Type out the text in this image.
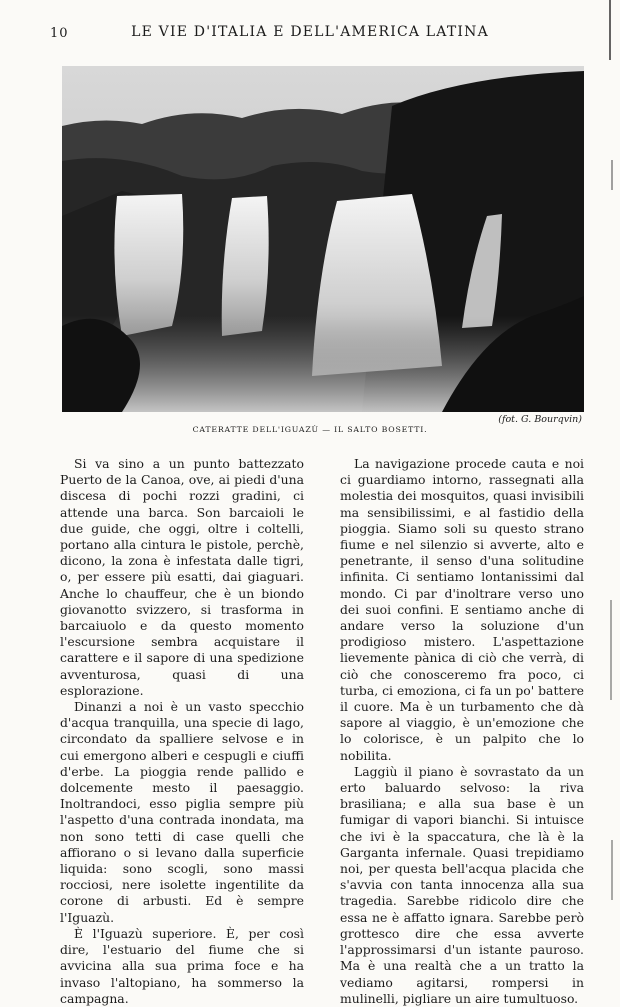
10	LE VIE D'ITALIA E DELL'AMERICA LATINA
(fot. G. Bourqvin)
CATERATTE DELL'IGUAZÙ — IL SALTO BOSETTI.

Si va sino a un punto battezzato Puerto de la Canoa, ove, ai piedi d'una discesa di pochi rozzi gradini, ci attende una barca. Son barcaioli le due guide, che oggi, oltre i coltelli, portano alla cintura le pistole, perchè, dicono, la zona è infestata dalle tigri, o, per essere più esatti, dai giaguari. Anche lo chauffeur, che è un biondo giovanotto svizzero, si trasforma in barcaiuolo e da questo momento l'escursione sembra acquistare il carattere e il sapore di una spedizione avventurosa, quasi di una esplorazione.

Dinanzi a noi è un vasto specchio d'acqua tranquilla, una specie di lago, circondato da spalliere selvose e in cui emergono alberi e cespugli e ciuffi d'erbe. La pioggia rende pallido e dolcemente mesto il paesaggio. Inoltrandoci, esso piglia sempre più l'aspetto d'una contrada inondata, ma non sono tetti di case quelli che affiorano o si levano dalla superficie liquida: sono scogli, sono massi rocciosi, nere isolette ingentilite da corone di arbusti. Ed è sempre l'Iguazù.

È l'Iguazù superiore. È, per così dire, l'estuario del fiume che si avvicina alla sua prima foce e ha invaso l'altopiano, ha sommerso la campagna.

La navigazione procede cauta e noi ci guardiamo intorno, rassegnati alla molestia dei mosquitos, quasi invisibili ma sensibilissimi, e al fastidio della pioggia. Siamo soli su questo strano fiume e nel silenzio si avverte, alto e penetrante, il senso d'una solitudine infinita. Ci sentiamo lontanissimi dal mondo. Ci par d'inoltrare verso uno dei suoi confini. E sentiamo anche di andare verso la soluzione d'un prodigioso mistero. L'aspettazione lievemente pànica di ciò che verrà, di ciò che conosceremo fra poco, ci turba, ci emoziona, ci fa un po' battere il cuore. Ma è un turbamento che dà sapore al viaggio, è un'emozione che lo colorisce, è un palpito che lo nobilita.

Laggiù il piano è sovrastato da un erto baluardo selvoso: la riva brasiliana; e alla sua base è un fumigar di vapori bianchi. Si intuisce che ivi è la spaccatura, che là è la Garganta infernale. Quasi trepidiamo noi, per questa bell'acqua placida che s'avvia con tanta innocenza alla sua tragedia. Sarebbe ridicolo dire che essa ne è affatto ignara. Sarebbe però grottesco dire che essa avverte l'approssimarsi d'un istante pauroso. Ma è una realtà che a un tratto la vediamo agitarsi, rompersi in mulinelli, pigliare un aire tumultuoso.
